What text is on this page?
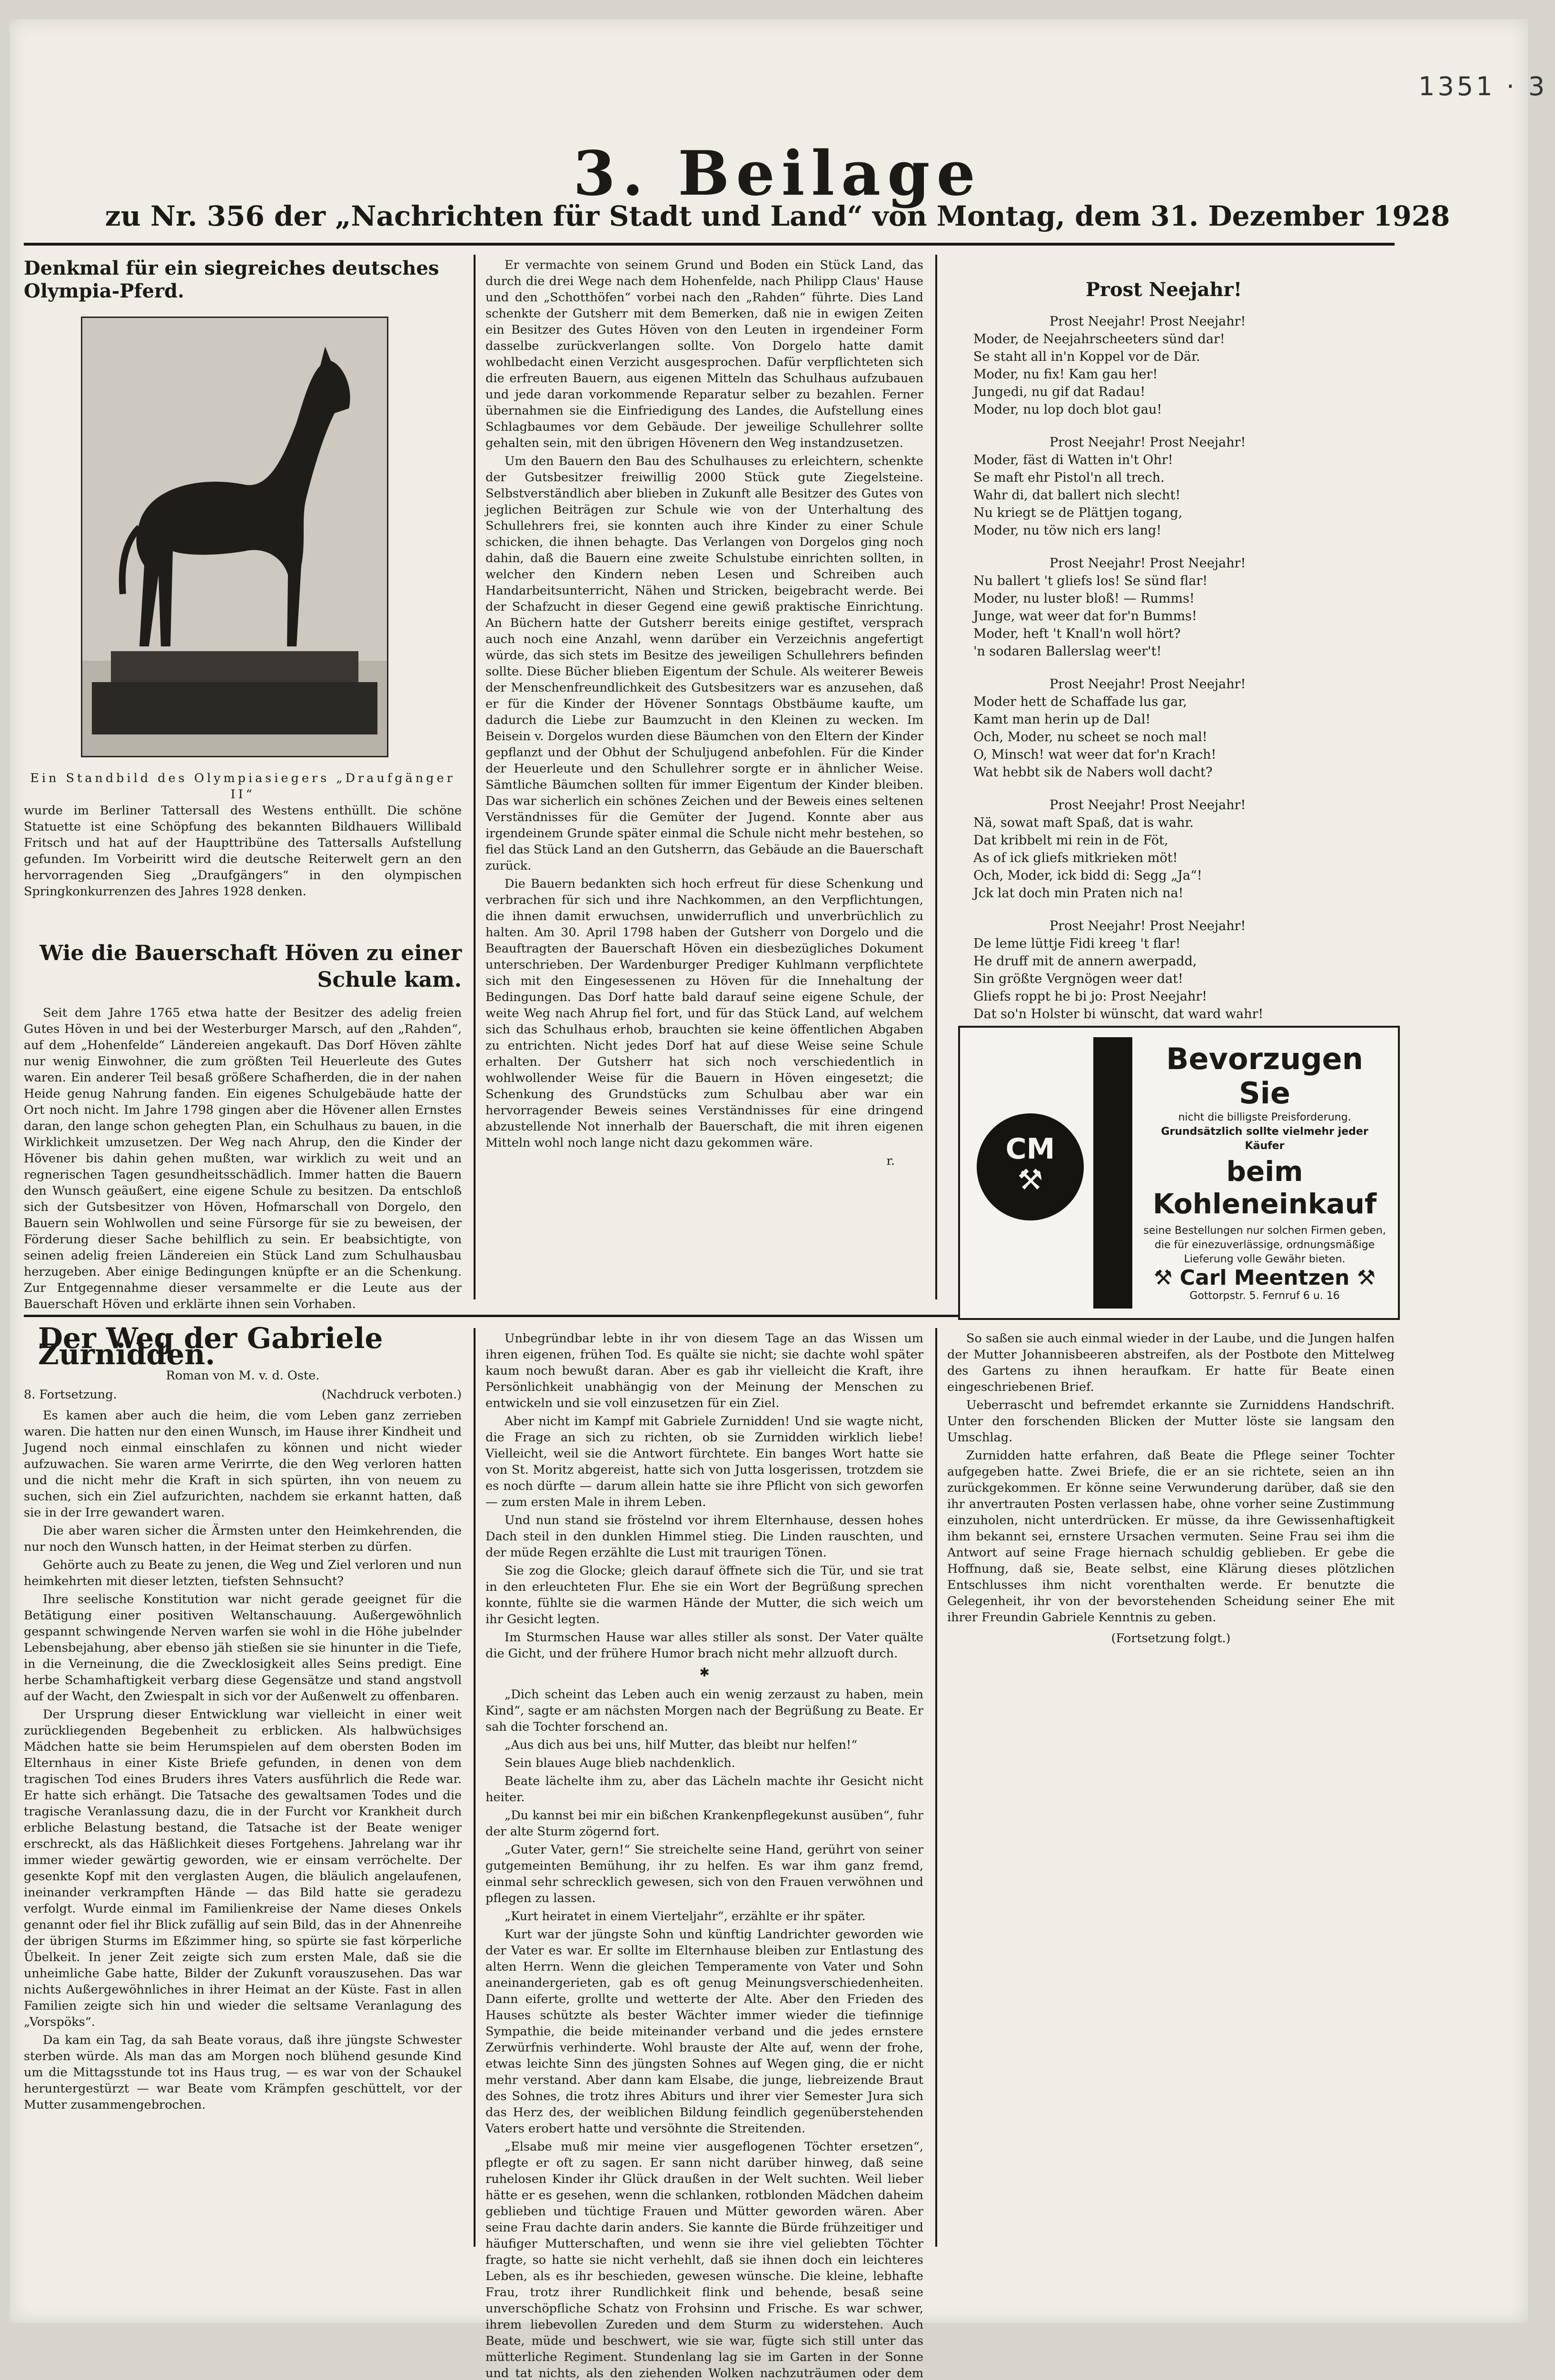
1351 · 3
3. Beilage
zu Nr. 356 der „Nachrichten für Stadt und Land“ von Montag, dem 31. Dezember 1928
Denkmal für ein siegreiches deutsches Olympia-Pferd.
Ein Standbild des Olympiasiegers „Draufgänger II“
wurde im Berliner Tattersall des Westens enthüllt. Die schöne Statuette ist eine Schöpfung des bekannten Bildhauers Willibald Fritsch und hat auf der Haupttribüne des Tattersalls Aufstellung gefunden. Im Vorbeiritt wird die deutsche Reiterwelt gern an den hervorragenden Sieg „Draufgängers“ in den olympischen Springkonkurrenzen des Jahres 1928 denken.
Wie die Bauerschaft Höven zu einer Schule kam.

Seit dem Jahre 1765 etwa hatte der Besitzer des adelig freien Gutes Höven in und bei der Westerburger Marsch, auf den „Rahden“, auf dem „Hohenfelde“ Ländereien angekauft. Das Dorf Höven zählte nur wenig Einwohner, die zum größten Teil Heuerleute des Gutes waren. Ein anderer Teil besaß größere Schafherden, die in der nahen Heide genug Nahrung fanden. Ein eigenes Schulgebäude hatte der Ort noch nicht. Im Jahre 1798 gingen aber die Hövener allen Ernstes daran, den lange schon gehegten Plan, ein Schulhaus zu bauen, in die Wirklichkeit umzusetzen. Der Weg nach Ahrup, den die Kinder der Hövener bis dahin gehen mußten, war wirklich zu weit und an regnerischen Tagen gesundheitsschädlich. Immer hatten die Bauern den Wunsch geäußert, eine eigene Schule zu besitzen. Da entschloß sich der Gutsbesitzer von Höven, Hofmarschall von Dorgelo, den Bauern sein Wohlwollen und seine Fürsorge für sie zu beweisen, der Förderung dieser Sache behilflich zu sein. Er beabsichtigte, von seinen adelig freien Ländereien ein Stück Land zum Schulhausbau herzugeben. Aber einige Bedingungen knüpfte er an die Schenkung. Zur Entgegennahme dieser versammelte er die Leute aus der Bauerschaft Höven und erklärte ihnen sein Vorhaben.

Er vermachte von seinem Grund und Boden ein Stück Land, das durch die drei Wege nach dem Hohenfelde, nach Philipp Claus' Hause und den „Schotthöfen“ vorbei nach den „Rahden“ führte. Dies Land schenkte der Gutsherr mit dem Bemerken, daß nie in ewigen Zeiten ein Besitzer des Gutes Höven von den Leuten in irgendeiner Form dasselbe zurückverlangen sollte. Von Dorgelo hatte damit wohlbedacht einen Verzicht ausgesprochen. Dafür verpflichteten sich die erfreuten Bauern, aus eigenen Mitteln das Schulhaus aufzubauen und jede daran vorkommende Reparatur selber zu bezahlen. Ferner übernahmen sie die Einfriedigung des Landes, die Aufstellung eines Schlagbaumes vor dem Gebäude. Der jeweilige Schullehrer sollte gehalten sein, mit den übrigen Hövenern den Weg instandzusetzen.

Um den Bauern den Bau des Schulhauses zu erleichtern, schenkte der Gutsbesitzer freiwillig 2000 Stück gute Ziegelsteine. Selbstverständlich aber blieben in Zukunft alle Besitzer des Gutes von jeglichen Beiträgen zur Schule wie von der Unterhaltung des Schullehrers frei, sie konnten auch ihre Kinder zu einer Schule schicken, die ihnen behagte. Das Verlangen von Dorgelos ging noch dahin, daß die Bauern eine zweite Schulstube einrichten sollten, in welcher den Kindern neben Lesen und Schreiben auch Handarbeitsunterricht, Nähen und Stricken, beigebracht werde. Bei der Schafzucht in dieser Gegend eine gewiß praktische Einrichtung. An Büchern hatte der Gutsherr bereits einige gestiftet, versprach auch noch eine Anzahl, wenn darüber ein Verzeichnis angefertigt würde, das sich stets im Besitze des jeweiligen Schullehrers befinden sollte. Diese Bücher blieben Eigentum der Schule. Als weiterer Beweis der Menschenfreundlichkeit des Gutsbesitzers war es anzusehen, daß er für die Kinder der Hövener Sonntags Obstbäume kaufte, um dadurch die Liebe zur Baumzucht in den Kleinen zu wecken. Im Beisein v. Dorgelos wurden diese Bäumchen von den Eltern der Kinder gepflanzt und der Obhut der Schuljugend anbefohlen. Für die Kinder der Heuerleute und den Schullehrer sorgte er in ähnlicher Weise. Sämtliche Bäumchen sollten für immer Eigentum der Kinder bleiben. Das war sicherlich ein schönes Zeichen und der Beweis eines seltenen Verständnisses für die Gemüter der Jugend. Konnte aber aus irgendeinem Grunde später einmal die Schule nicht mehr bestehen, so fiel das Stück Land an den Gutsherrn, das Gebäude an die Bauerschaft zurück.

Die Bauern bedankten sich hoch erfreut für diese Schenkung und verbrachen für sich und ihre Nachkommen, an den Verpflichtungen, die ihnen damit erwuchsen, unwiderruflich und unverbrüchlich zu halten. Am 30. April 1798 haben der Gutsherr von Dorgelo und die Beauftragten der Bauerschaft Höven ein diesbezügliches Dokument unterschrieben. Der Wardenburger Prediger Kuhlmann verpflichtete sich mit den Eingesessenen zu Höven für die Innehaltung der Bedingungen. Das Dorf hatte bald darauf seine eigene Schule, der weite Weg nach Ahrup fiel fort, und für das Stück Land, auf welchem sich das Schulhaus erhob, brauchten sie keine öffentlichen Abgaben zu entrichten. Nicht jedes Dorf hat auf diese Weise seine Schule erhalten. Der Gutsherr hat sich noch verschiedentlich in wohlwollender Weise für die Bauern in Höven eingesetzt; die Schenkung des Grundstücks zum Schulbau aber war ein hervorragender Beweis seines Verständnisses für eine dringend abzustellende Not innerhalb der Bauerschaft, die mit ihren eigenen Mitteln wohl noch lange nicht dazu gekommen wäre.

r.
Prost Neejahr!
Prost Neejahr! Prost Neejahr!
Moder, de Neejahrscheeters sünd dar!
Se staht all in'n Koppel vor de Där.
Moder, nu fix! Kam gau her!
Jungedi, nu gif dat Radau!
Moder, nu lop doch blot gau!
Prost Neejahr! Prost Neejahr!
Moder, fäst di Watten in't Ohr!
Se maft ehr Pistol'n all trech.
Wahr di, dat ballert nich slecht!
Nu kriegt se de Plättjen togang,
Moder, nu töw nich ers lang!
Prost Neejahr! Prost Neejahr!
Nu ballert 't gliefs los! Se sünd flar!
Moder, nu luster bloß! — Rumms!
Junge, wat weer dat for'n Bumms!
Moder, heft 't Knall'n woll hört?
'n sodaren Ballerslag weer't!
Prost Neejahr! Prost Neejahr!
Moder hett de Schaffade lus gar,
Kamt man herin up de Dal!
Och, Moder, nu scheet se noch mal!
O, Minsch! wat weer dat for'n Krach!
Wat hebbt sik de Nabers woll dacht?
Prost Neejahr! Prost Neejahr!
Nä, sowat maft Spaß, dat is wahr.
Dat kribbelt mi rein in de Föt,
As of ick gliefs mitkrieken möt!
Och, Moder, ick bidd di: Segg „Ja“!
Jck lat doch min Praten nich na!
Prost Neejahr! Prost Neejahr!
De leme lüttje Fidi kreeg 't flar!
He druff mit de annern awerpadd,
Sin größte Vergnögen weer dat!
Gliefs roppt he bi jo: Prost Neejahr!
Dat so'n Holster bi wünscht, dat ward wahr!
CM
⚒
Bevorzugen Sie
nicht die billigste Preisforderung.
Grundsätzlich sollte vielmehr jeder Käufer
beim Kohleneinkauf
seine Bestellungen nur solchen Firmen geben, die für einezuverlässige, ordnungsmäßige Lieferung volle Gewähr bieten.
⚒ Carl Meentzen ⚒
Gottorpstr. 5. Fernruf 6 u. 16
Der Weg der Gabriele Zurnidden.
Roman von M. v. d. Oste.
8. Fortsetzung.	(Nachdruck verboten.)

Es kamen aber auch die heim, die vom Leben ganz zerrieben waren. Die hatten nur den einen Wunsch, im Hause ihrer Kindheit und Jugend noch einmal einschlafen zu können und nicht wieder aufzuwachen. Sie waren arme Verirrte, die den Weg verloren hatten und die nicht mehr die Kraft in sich spürten, ihn von neuem zu suchen, sich ein Ziel aufzurichten, nachdem sie erkannt hatten, daß sie in der Irre gewandert waren.

Die aber waren sicher die Ärmsten unter den Heimkehrenden, die nur noch den Wunsch hatten, in der Heimat sterben zu dürfen.

Gehörte auch zu Beate zu jenen, die Weg und Ziel verloren und nun heimkehrten mit dieser letzten, tiefsten Sehnsucht?

Ihre seelische Konstitution war nicht gerade geeignet für die Betätigung einer positiven Weltanschauung. Außergewöhnlich gespannt schwingende Nerven warfen sie wohl in die Höhe jubelnder Lebensbejahung, aber ebenso jäh stießen sie sie hinunter in die Tiefe, in die Verneinung, die die Zwecklosigkeit alles Seins predigt. Eine herbe Schamhaftigkeit verbarg diese Gegensätze und stand angstvoll auf der Wacht, den Zwiespalt in sich vor der Außenwelt zu offenbaren.

Der Ursprung dieser Entwicklung war vielleicht in einer weit zurückliegenden Begebenheit zu erblicken. Als halbwüchsiges Mädchen hatte sie beim Herumspielen auf dem obersten Boden im Elternhaus in einer Kiste Briefe gefunden, in denen von dem tragischen Tod eines Bruders ihres Vaters ausführlich die Rede war. Er hatte sich erhängt. Die Tatsache des gewaltsamen Todes und die tragische Veranlassung dazu, die in der Furcht vor Krankheit durch erbliche Belastung bestand, die Tatsache ist der Beate weniger erschreckt, als das Häßlichkeit dieses Fortgehens. Jahrelang war ihr immer wieder gewärtig geworden, wie er einsam verröchelte. Der gesenkte Kopf mit den verglasten Augen, die bläulich angelaufenen, ineinander verkrampften Hände — das Bild hatte sie geradezu verfolgt. Wurde einmal im Familienkreise der Name dieses Onkels genannt oder fiel ihr Blick zufällig auf sein Bild, das in der Ahnenreihe der übrigen Sturms im Eßzimmer hing, so spürte sie fast körperliche Übelkeit. In jener Zeit zeigte sich zum ersten Male, daß sie die unheimliche Gabe hatte, Bilder der Zukunft vorauszusehen. Das war nichts Außergewöhnliches in ihrer Heimat an der Küste. Fast in allen Familien zeigte sich hin und wieder die seltsame Veranlagung des „Vorspöks“.

Da kam ein Tag, da sah Beate voraus, daß ihre jüngste Schwester sterben würde. Als man das am Morgen noch blühend gesunde Kind um die Mittagsstunde tot ins Haus trug, — es war von der Schaukel heruntergestürzt — war Beate vom Krämpfen geschüttelt, vor der Mutter zusammengebrochen.

Unbegründbar lebte in ihr von diesem Tage an das Wissen um ihren eigenen, frühen Tod. Es quälte sie nicht; sie dachte wohl später kaum noch bewußt daran. Aber es gab ihr vielleicht die Kraft, ihre Persönlichkeit unabhängig von der Meinung der Menschen zu entwickeln und sie voll einzusetzen für ein Ziel.

Aber nicht im Kampf mit Gabriele Zurnidden! Und sie wagte nicht, die Frage an sich zu richten, ob sie Zurnidden wirklich liebe! Vielleicht, weil sie die Antwort fürchtete. Ein banges Wort hatte sie von St. Moritz abgereist, hatte sich von Jutta losgerissen, trotzdem sie es noch dürfte — darum allein hatte sie ihre Pflicht von sich geworfen — zum ersten Male in ihrem Leben.

Und nun stand sie fröstelnd vor ihrem Elternhause, dessen hohes Dach steil in den dunklen Himmel stieg. Die Linden rauschten, und der müde Regen erzählte die Lust mit traurigen Tönen.

Sie zog die Glocke; gleich darauf öffnete sich die Tür, und sie trat in den erleuchteten Flur. Ehe sie ein Wort der Begrüßung sprechen konnte, fühlte sie die warmen Hände der Mutter, die sich weich um ihr Gesicht legten.

Im Sturmschen Hause war alles stiller als sonst. Der Vater quälte die Gicht, und der frühere Humor brach nicht mehr allzuoft durch.

✱

„Dich scheint das Leben auch ein wenig zerzaust zu haben, mein Kind“, sagte er am nächsten Morgen nach der Begrüßung zu Beate. Er sah die Tochter forschend an.

„Aus dich aus bei uns, hilf Mutter, das bleibt nur helfen!“

Sein blaues Auge blieb nachdenklich.

Beate lächelte ihm zu, aber das Lächeln machte ihr Gesicht nicht heiter.

„Du kannst bei mir ein bißchen Krankenpflegekunst ausüben“, fuhr der alte Sturm zögernd fort.

„Guter Vater, gern!“ Sie streichelte seine Hand, gerührt von seiner gutgemeinten Bemühung, ihr zu helfen. Es war ihm ganz fremd, einmal sehr schrecklich gewesen, sich von den Frauen verwöhnen und pflegen zu lassen.

„Kurt heiratet in einem Vierteljahr“, erzählte er ihr später.

Kurt war der jüngste Sohn und künftig Landrichter geworden wie der Vater es war. Er sollte im Elternhause bleiben zur Entlastung des alten Herrn. Wenn die gleichen Temperamente von Vater und Sohn aneinandergerieten, gab es oft genug Meinungsverschiedenheiten. Dann eiferte, grollte und wetterte der Alte. Aber den Frieden des Hauses schützte als bester Wächter immer wieder die tiefinnige Sympathie, die beide miteinander verband und die jedes ernstere Zerwürfnis verhinderte. Wohl brauste der Alte auf, wenn der frohe, etwas leichte Sinn des jüngsten Sohnes auf Wegen ging, die er nicht mehr verstand. Aber dann kam Elsabe, die junge, liebreizende Braut des Sohnes, die trotz ihres Abiturs und ihrer vier Semester Jura sich das Herz des, der weiblichen Bildung feindlich gegenüberstehenden Vaters erobert hatte und versöhnte die Streitenden.

„Elsabe muß mir meine vier ausgeflogenen Töchter ersetzen“, pflegte er oft zu sagen. Er sann nicht darüber hinweg, daß seine ruhelosen Kinder ihr Glück draußen in der Welt suchten. Weil lieber hätte er es gesehen, wenn die schlanken, rotblonden Mädchen daheim geblieben und tüchtige Frauen und Mütter geworden wären. Aber seine Frau dachte darin anders. Sie kannte die Bürde frühzeitiger und häufiger Mutterschaften, und wenn sie ihre viel geliebten Töchter fragte, so hatte sie nicht verhehlt, daß sie ihnen doch ein leichteres Leben, als es ihr beschieden, gewesen wünsche. Die kleine, lebhafte Frau, trotz ihrer Rundlichkeit flink und behende, besaß seine unverschöpfliche Schatz von Frohsinn und Frische. Es war schwer, ihrem liebevollen Zureden und dem Sturm zu widerstehen. Auch Beate, müde und beschwert, wie sie war, fügte sich still unter das mütterliche Regiment. Stundenlang lag sie im Garten in der Sonne und tat nichts, als den ziehenden Wolken nachzuträumen oder dem

So saßen sie auch einmal wieder in der Laube, und die Jungen halfen der Mutter Johannisbeeren abstreifen, als der Postbote den Mittelweg des Gartens zu ihnen heraufkam. Er hatte für Beate einen eingeschriebenen Brief.

Ueberrascht und befremdet erkannte sie Zurniddens Handschrift. Unter den forschenden Blicken der Mutter löste sie langsam den Umschlag.

Zurnidden hatte erfahren, daß Beate die Pflege seiner Tochter aufgegeben hatte. Zwei Briefe, die er an sie richtete, seien an ihn zurückgekommen. Er könne seine Verwunderung darüber, daß sie den ihr anvertrauten Posten verlassen habe, ohne vorher seine Zustimmung einzuholen, nicht unterdrücken. Er müsse, da ihre Gewissenhaftigkeit ihm bekannt sei, ernstere Ursachen vermuten. Seine Frau sei ihm die Antwort auf seine Frage hiernach schuldig geblieben. Er gebe die Hoffnung, daß sie, Beate selbst, eine Klärung dieses plötzlichen Entschlusses ihm nicht vorenthalten werde. Er benutzte die Gelegenheit, ihr von der bevorstehenden Scheidung seiner Ehe mit ihrer Freundin Gabriele Kenntnis zu geben.

(Fortsetzung folgt.)
